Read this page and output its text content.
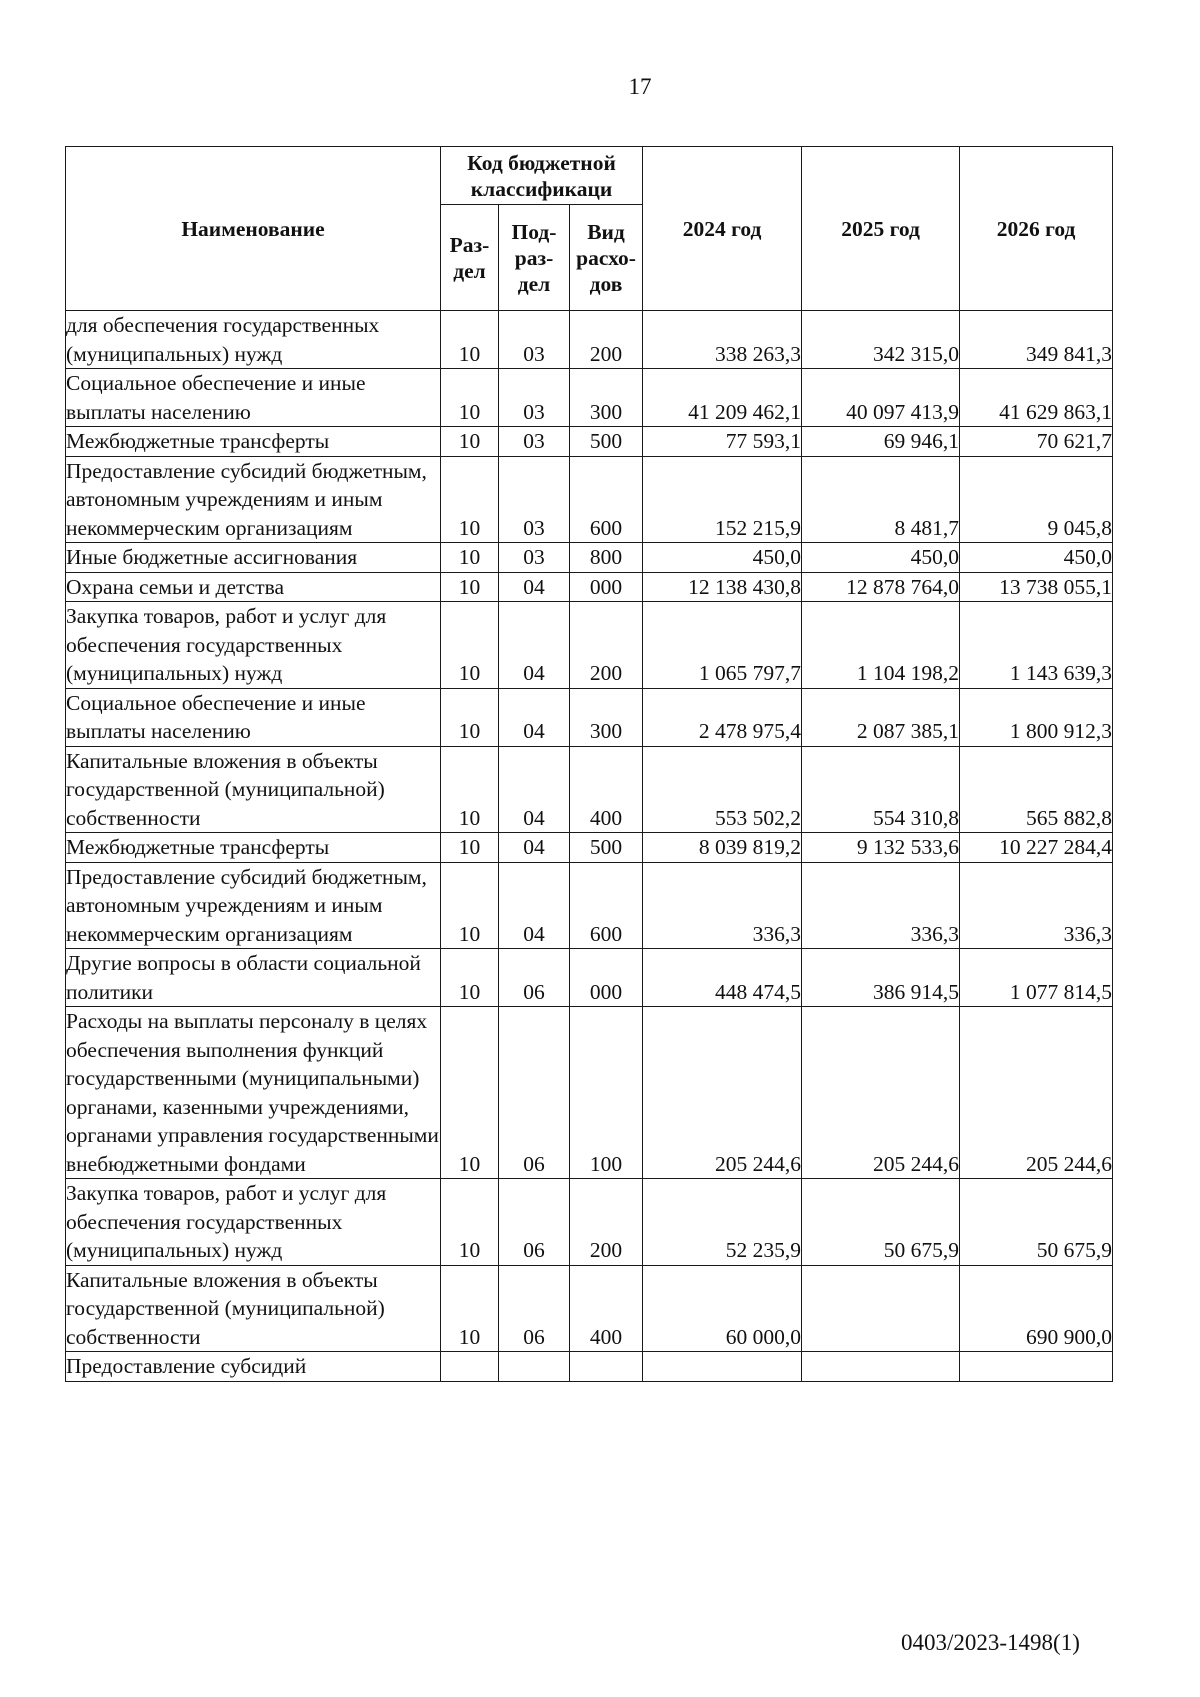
17
Наименование	Код бюджетной классификаци			2024 год	2025 год	2026 год
	Раз-дел	Под-раз-дел	Вид расхо-дов			
для обеспечения государственных (муниципальных) нужд	10	03	200	338 263,3	342 315,0	349 841,3
Социальное обеспечение и иные выплаты населению	10	03	300	41 209 462,1	40 097 413,9	41 629 863,1
Межбюджетные трансферты	10	03	500	77 593,1	69 946,1	70 621,7
Предоставление субсидий бюджетным, автономным учреждениям и иным некоммерческим организациям	10	03	600	152 215,9	8 481,7	9 045,8
Иные бюджетные ассигнования	10	03	800	450,0	450,0	450,0
Охрана семьи и детства	10	04	000	12 138 430,8	12 878 764,0	13 738 055,1
Закупка товаров, работ и услуг для обеспечения государственных (муниципальных) нужд	10	04	200	1 065 797,7	1 104 198,2	1 143 639,3
Социальное обеспечение и иные выплаты населению	10	04	300	2 478 975,4	2 087 385,1	1 800 912,3
Капитальные вложения в объекты государственной (муниципальной) собственности	10	04	400	553 502,2	554 310,8	565 882,8
Межбюджетные трансферты	10	04	500	8 039 819,2	9 132 533,6	10 227 284,4
Предоставление субсидий бюджетным, автономным учреждениям и иным некоммерческим организациям	10	04	600	336,3	336,3	336,3
Другие вопросы в области социальной политики	10	06	000	448 474,5	386 914,5	1 077 814,5
Расходы на выплаты персоналу в целях обеспечения выполнения функций государственными (муниципальными) органами, казенными учреждениями, органами управления государственными внебюджетными фондами	10	06	100	205 244,6	205 244,6	205 244,6
Закупка товаров, работ и услуг для обеспечения государственных (муниципальных) нужд	10	06	200	52 235,9	50 675,9	50 675,9
Капитальные вложения в объекты государственной (муниципальной) собственности	10	06	400	60 000,0		690 900,0
Предоставление субсидий						
0403/2023-1498(1)
